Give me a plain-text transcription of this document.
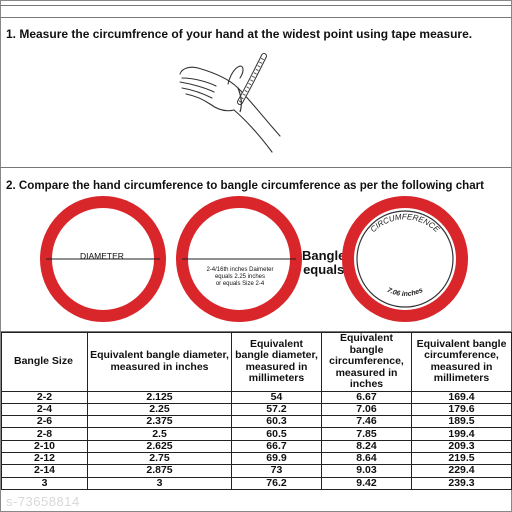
1. Measure the circumfrence of your hand at the widest point using tape measure.
2. Compare the hand circumference to bangle circumference as per the following chart
DIAMETER
2-4/16th inches Daimeter
equals 2.25 inches
or equals Size 2-4
Bangle
equals
CIRCUMFERENCE
7.06 inches
Bangle Size	Equivalent bangle diameter, measured in inches	Equivalent bangle diameter, measured in millimeters	Equivalent bangle circumference, measured in inches	Equivalent bangle circumference, measured in millimeters
2-2	2.125	54	6.67	169.4
2-4	2.25	57.2	7.06	179.6
2-6	2.375	60.3	7.46	189.5
2-8	2.5	60.5	7.85	199.4
2-10	2.625	66.7	8.24	209.3
2-12	2.75	69.9	8.64	219.5
2-14	2.875	73	9.03	229.4
3	3	76.2	9.42	239.3
s-73658814
